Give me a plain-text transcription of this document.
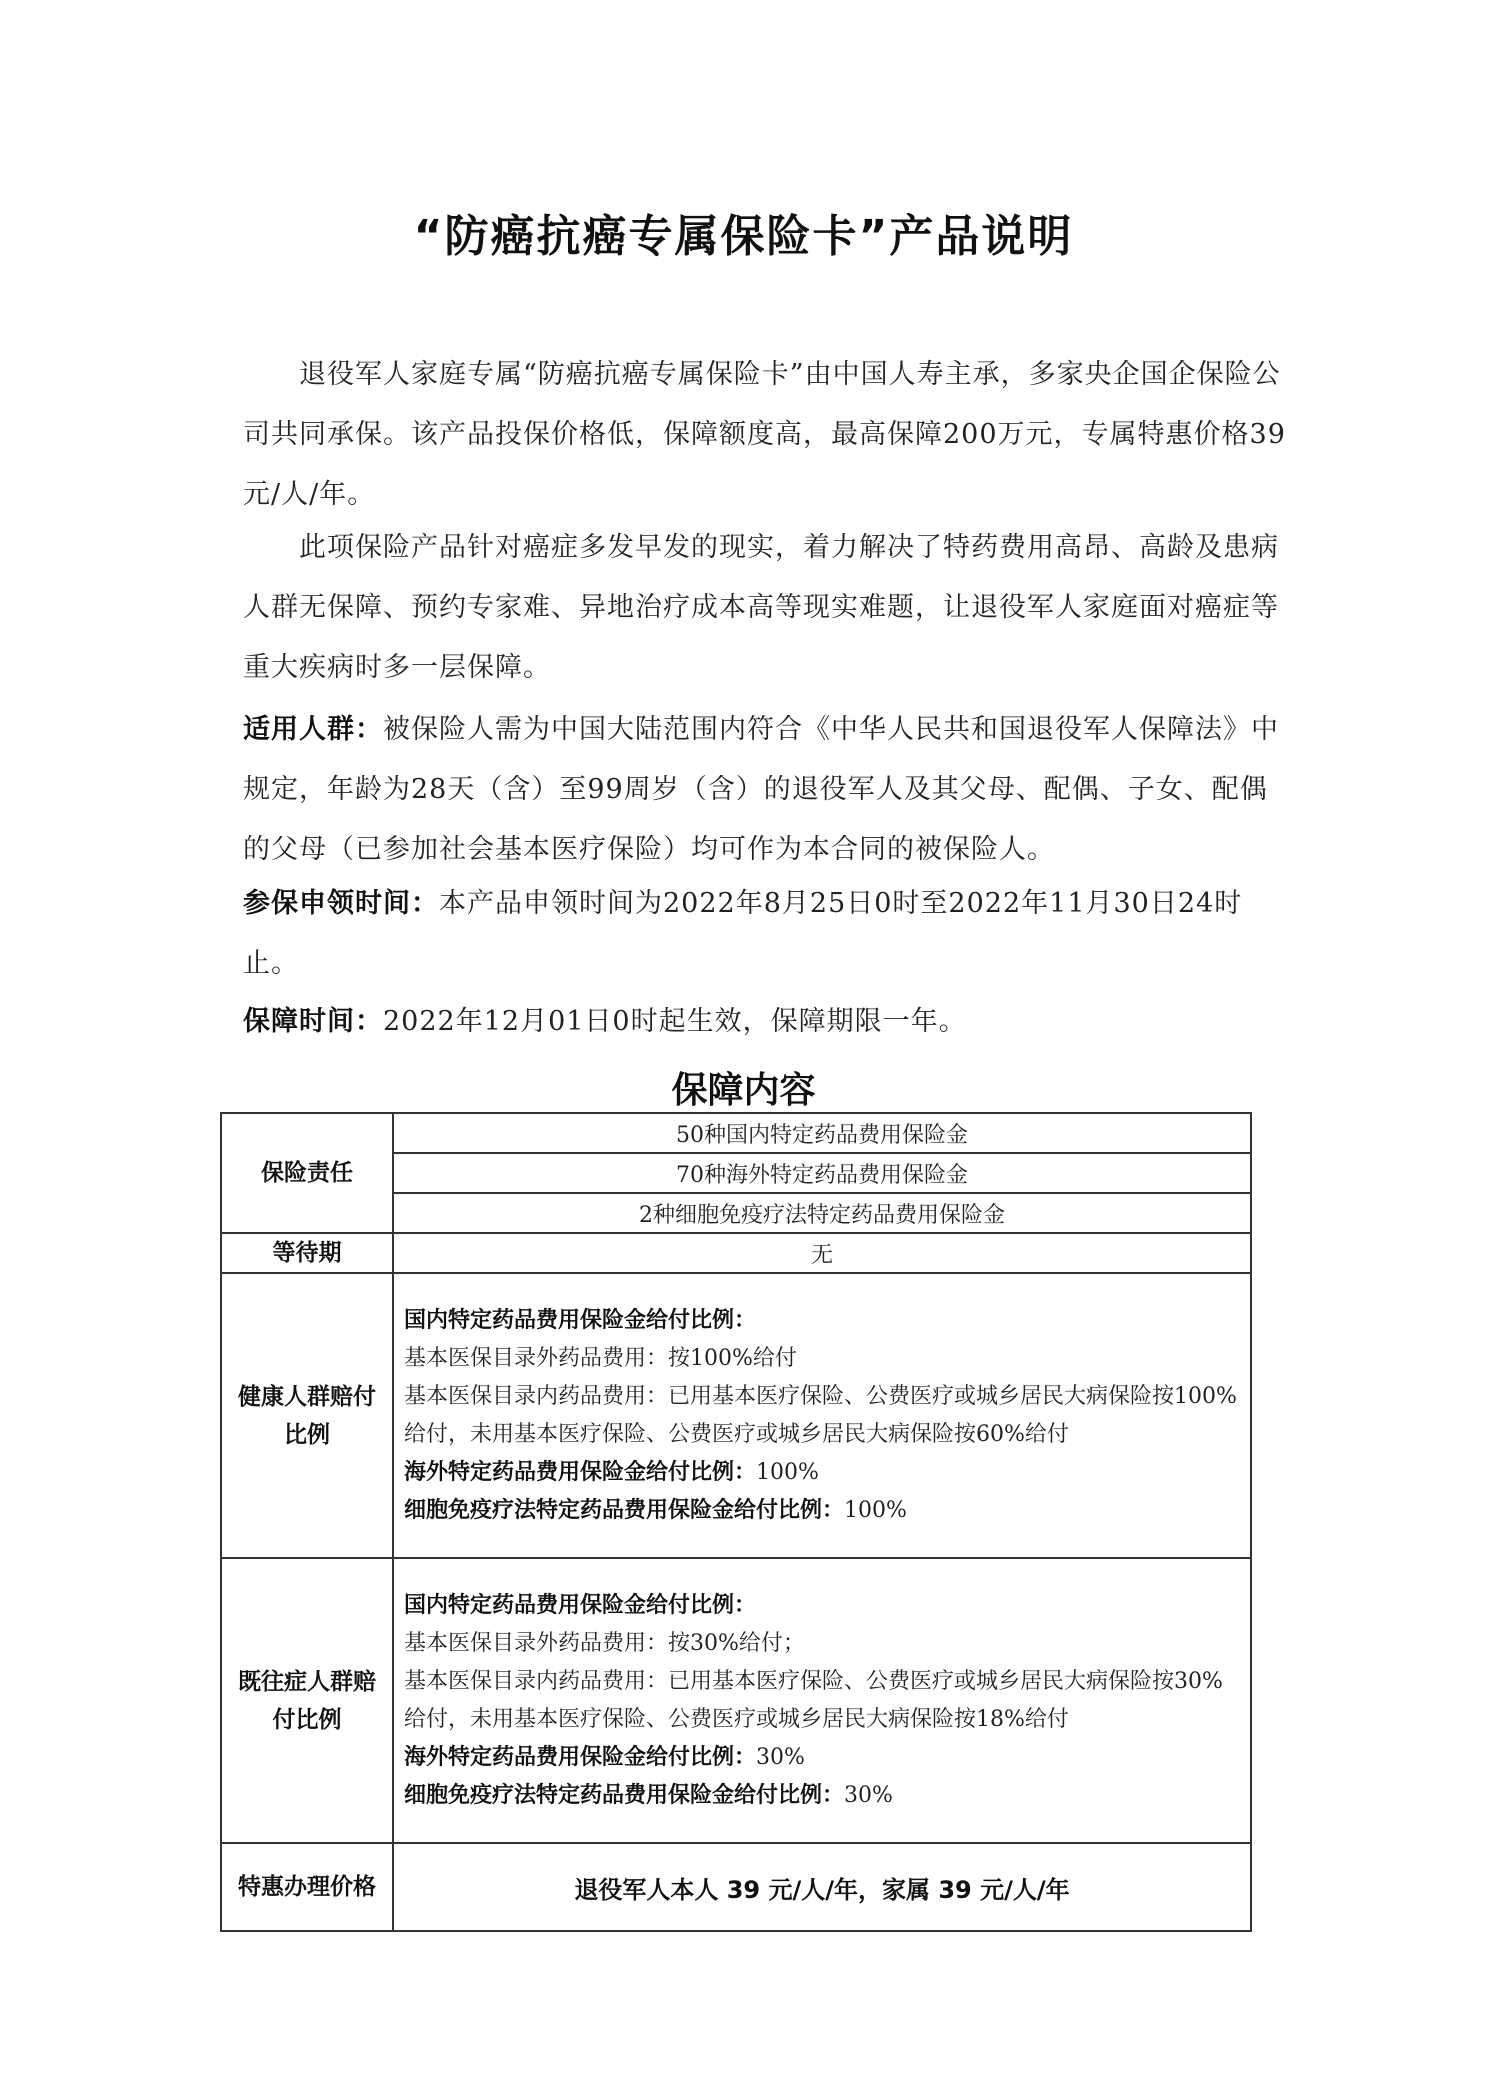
“防癌抗癌专属保险卡”产品说明

退役军人家庭专属“防癌抗癌专属保险卡”由中国人寿主承，多家央企国企保险公司共同承保。该产品投保价格低，保障额度高，最高保障200万元，专属特惠价格39 元/人/年。

此项保险产品针对癌症多发早发的现实，着力解决了特药费用高昂、高龄及患病人群无保障、预约专家难、异地治疗成本高等现实难题，让退役军人家庭面对癌症等重大疾病时多一层保障。

适用人群：被保险人需为中国大陆范围内符合《中华人民共和国退役军人保障法》中规定，年龄为28天（含）至99周岁（含）的退役军人及其父母、配偶、子女、配偶的父母（已参加社会基本医疗保险）均可作为本合同的被保险人。

参保申领时间：本产品申领时间为2022年8月25日0时至2022年11月30日24时止。

保障时间：2022年12月01日0时起生效，保障期限一年。

保障内容
保险责任	50种国内特定药品费用保险金
	70种海外特定药品费用保险金
	2种细胞免疫疗法特定药品费用保险金
等待期	无
健康人群赔付比例	国内特定药品费用保险金给付比例：
基本医保目录外药品费用：按100%给付
基本医保目录内药品费用：已用基本医疗保险、公费医疗或城乡居民大病保险按100%给付，未用基本医疗保险、公费医疗或城乡居民大病保险按60%给付
海外特定药品费用保险金给付比例：100%
细胞免疫疗法特定药品费用保险金给付比例：100%

既往症人群赔付比例	国内特定药品费用保险金给付比例：
基本医保目录外药品费用：按30%给付；
基本医保目录内药品费用：已用基本医疗保险、公费医疗或城乡居民大病保险按30%给付，未用基本医疗保险、公费医疗或城乡居民大病保险按18%给付
海外特定药品费用保险金给付比例：30%
细胞免疫疗法特定药品费用保险金给付比例：30%

特惠办理价格	退役军人本人 39 元/人/年，家属 39 元/人/年
